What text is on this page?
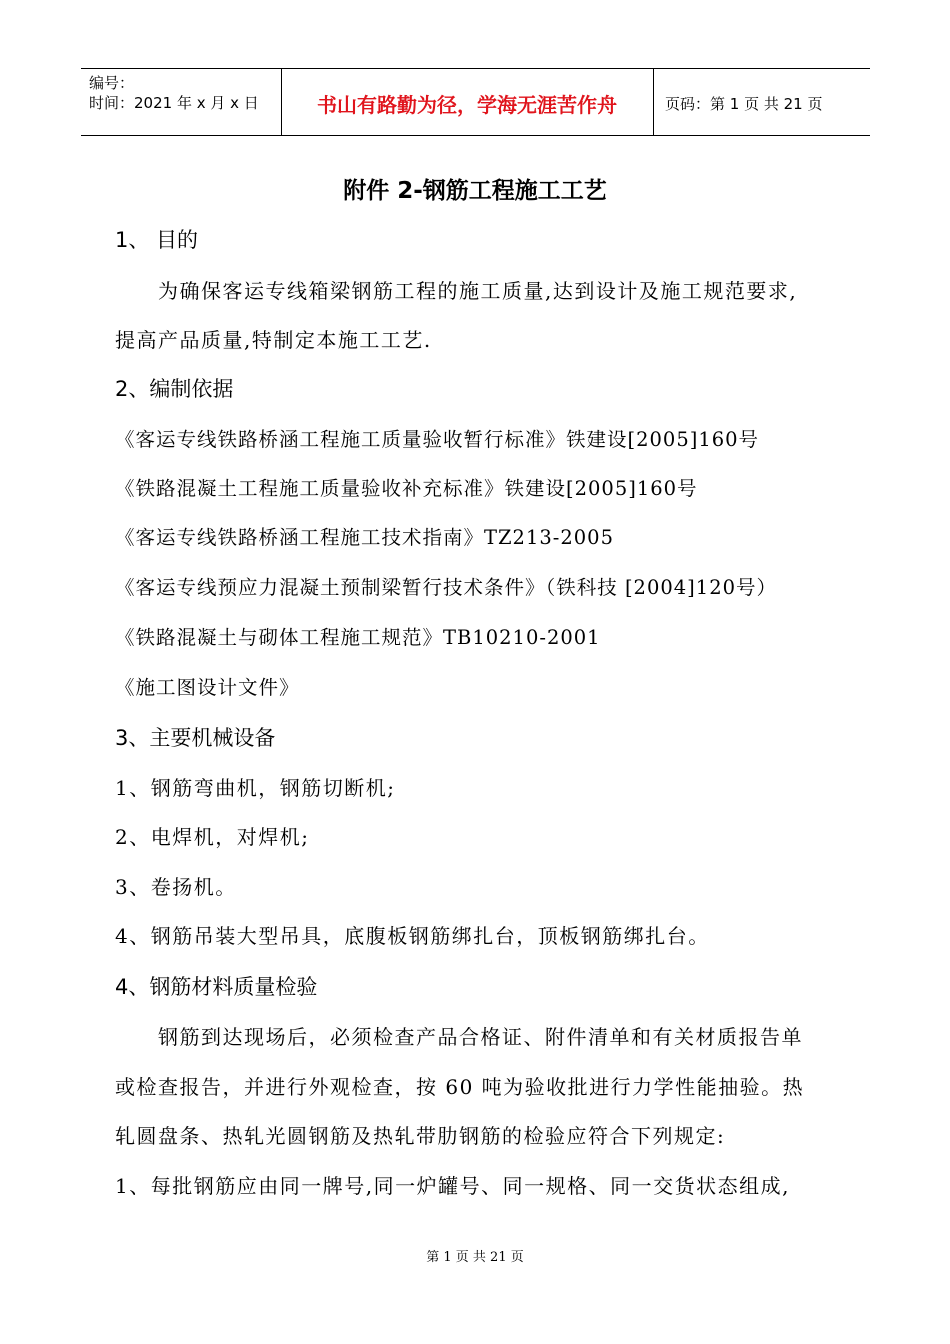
编号：
时间：2021 年 x 月 x 日	书山有路勤为径，学海无涯苦作舟	页码：第 1 页 共 21 页
附件 2-钢筋工程施工工艺
1、 目的
为确保客运专线箱梁钢筋工程的施工质量,达到设计及施工规范要求,
提高产品质量,特制定本施工工艺.
2、编制依据
《客运专线铁路桥涵工程施工质量验收暂行标准》铁建设[2005]160号
《铁路混凝土工程施工质量验收补充标准》铁建设[2005]160号
《客运专线铁路桥涵工程施工技术指南》TZ213-2005
《客运专线预应力混凝土预制梁暂行技术条件》（铁科技 [2004]120号）
《铁路混凝土与砌体工程施工规范》TB10210-2001
《施工图设计文件》
3、主要机械设备
1、钢筋弯曲机，钢筋切断机;
2、电焊机，对焊机;
3、卷扬机。
4、钢筋吊装大型吊具，底腹板钢筋绑扎台，顶板钢筋绑扎台。
4、钢筋材料质量检验
钢筋到达现场后，必须检查产品合格证、附件清单和有关材质报告单
或检查报告，并进行外观检查，按 60 吨为验收批进行力学性能抽验。热
轧圆盘条、热轧光圆钢筋及热轧带肋钢筋的检验应符合下列规定:
1、每批钢筋应由同一牌号,同一炉罐号、同一规格、同一交货状态组成,
第 1 页 共 21 页
